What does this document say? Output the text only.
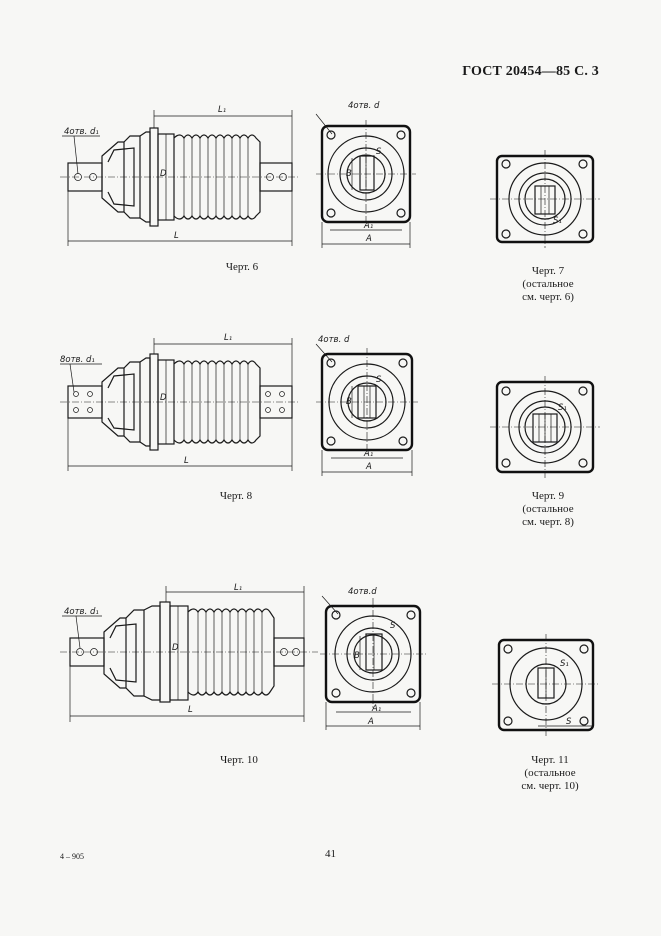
ГОСТ 20454—85 С. 3
4отв. d₁
L₁
D
L
4отв. d
S
B
A₁
A
S₁
Черт. 6	Черт. 7
(остальное
см. черт. 6)
8отв. d₁
L₁
D
L
4отв. d
S
B
A₁
A
S₁
Черт. 8	Черт. 9
(остальное
см. черт. 8)
4отв. d₁
L₁
D
L
4отв.d
S
B
A₁
A
S₁
S
Черт. 10	Черт. 11
(остальное
см. черт. 10)
4 – 905	41
